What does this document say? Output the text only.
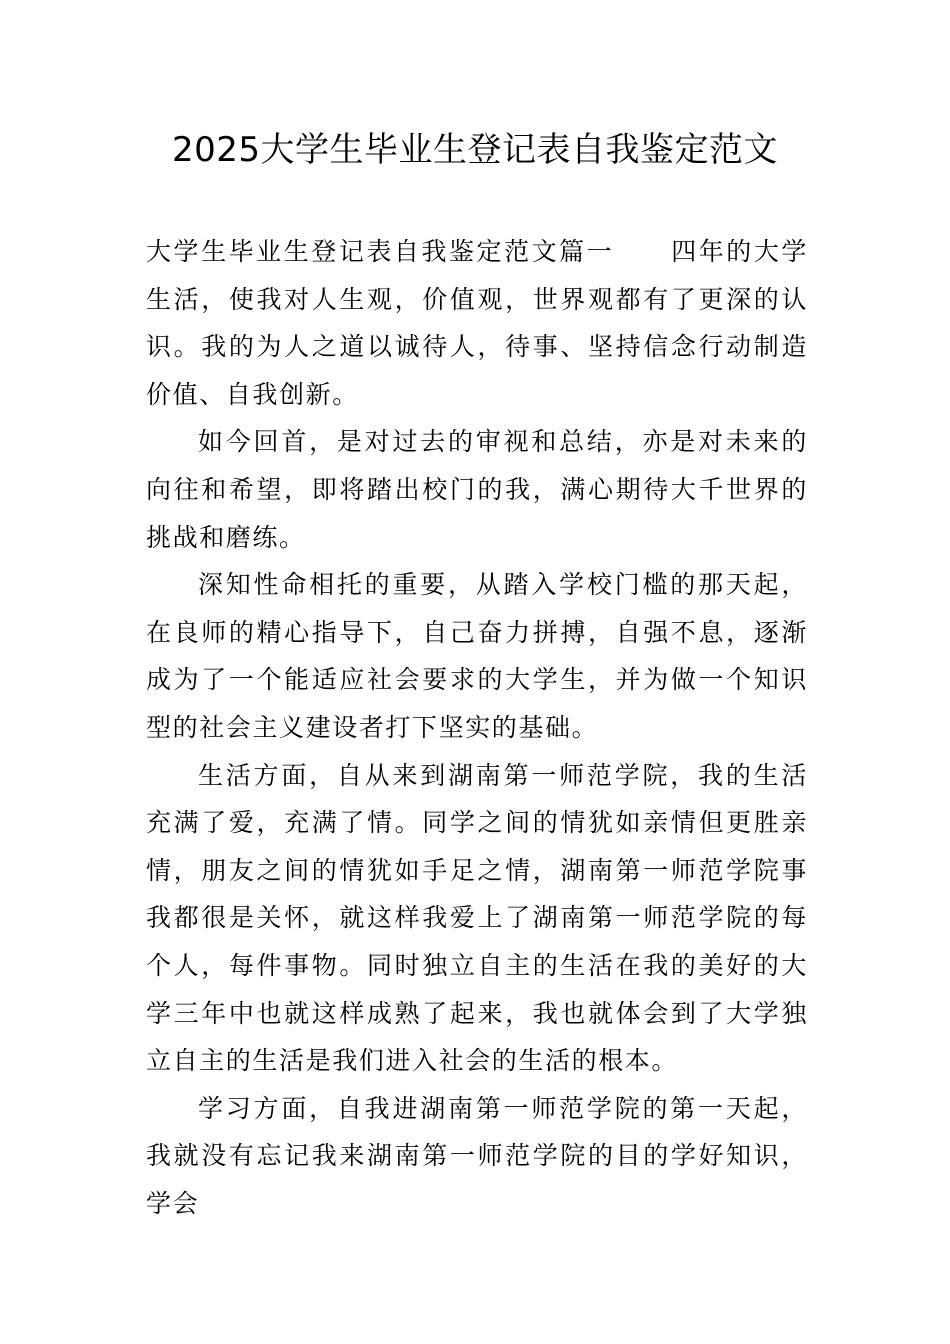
2025大学生毕业生登记表自我鉴定范文

大学生毕业生登记表自我鉴定范文篇一 四年的大学生活，使我对人生观，价值观，世界观都有了更深的认识。我的为人之道以诚待人，待事、坚持信念行动制造价值、自我创新。

如今回首，是对过去的审视和总结，亦是对未来的向往和希望，即将踏出校门的我，满心期待大千世界的挑战和磨练。

深知性命相托的重要，从踏入学校门槛的那天起，在良师的精心指导下，自己奋力拼搏，自强不息，逐渐成为了一个能适应社会要求的大学生，并为做一个知识型的社会主义建设者打下坚实的基础。

生活方面，自从来到湖南第一师范学院，我的生活充满了爱，充满了情。同学之间的情犹如亲情但更胜亲情，朋友之间的情犹如手足之情，湖南第一师范学院事我都很是关怀，就这样我爱上了湖南第一师范学院的每个人，每件事物。同时独立自主的生活在我的美好的大学三年中也就这样成熟了起来，我也就体会到了大学独立自主的生活是我们进入社会的生活的根本。

学习方面，自我进湖南第一师范学院的第一天起，我就没有忘记我来湖南第一师范学院的目的学好知识，学会
